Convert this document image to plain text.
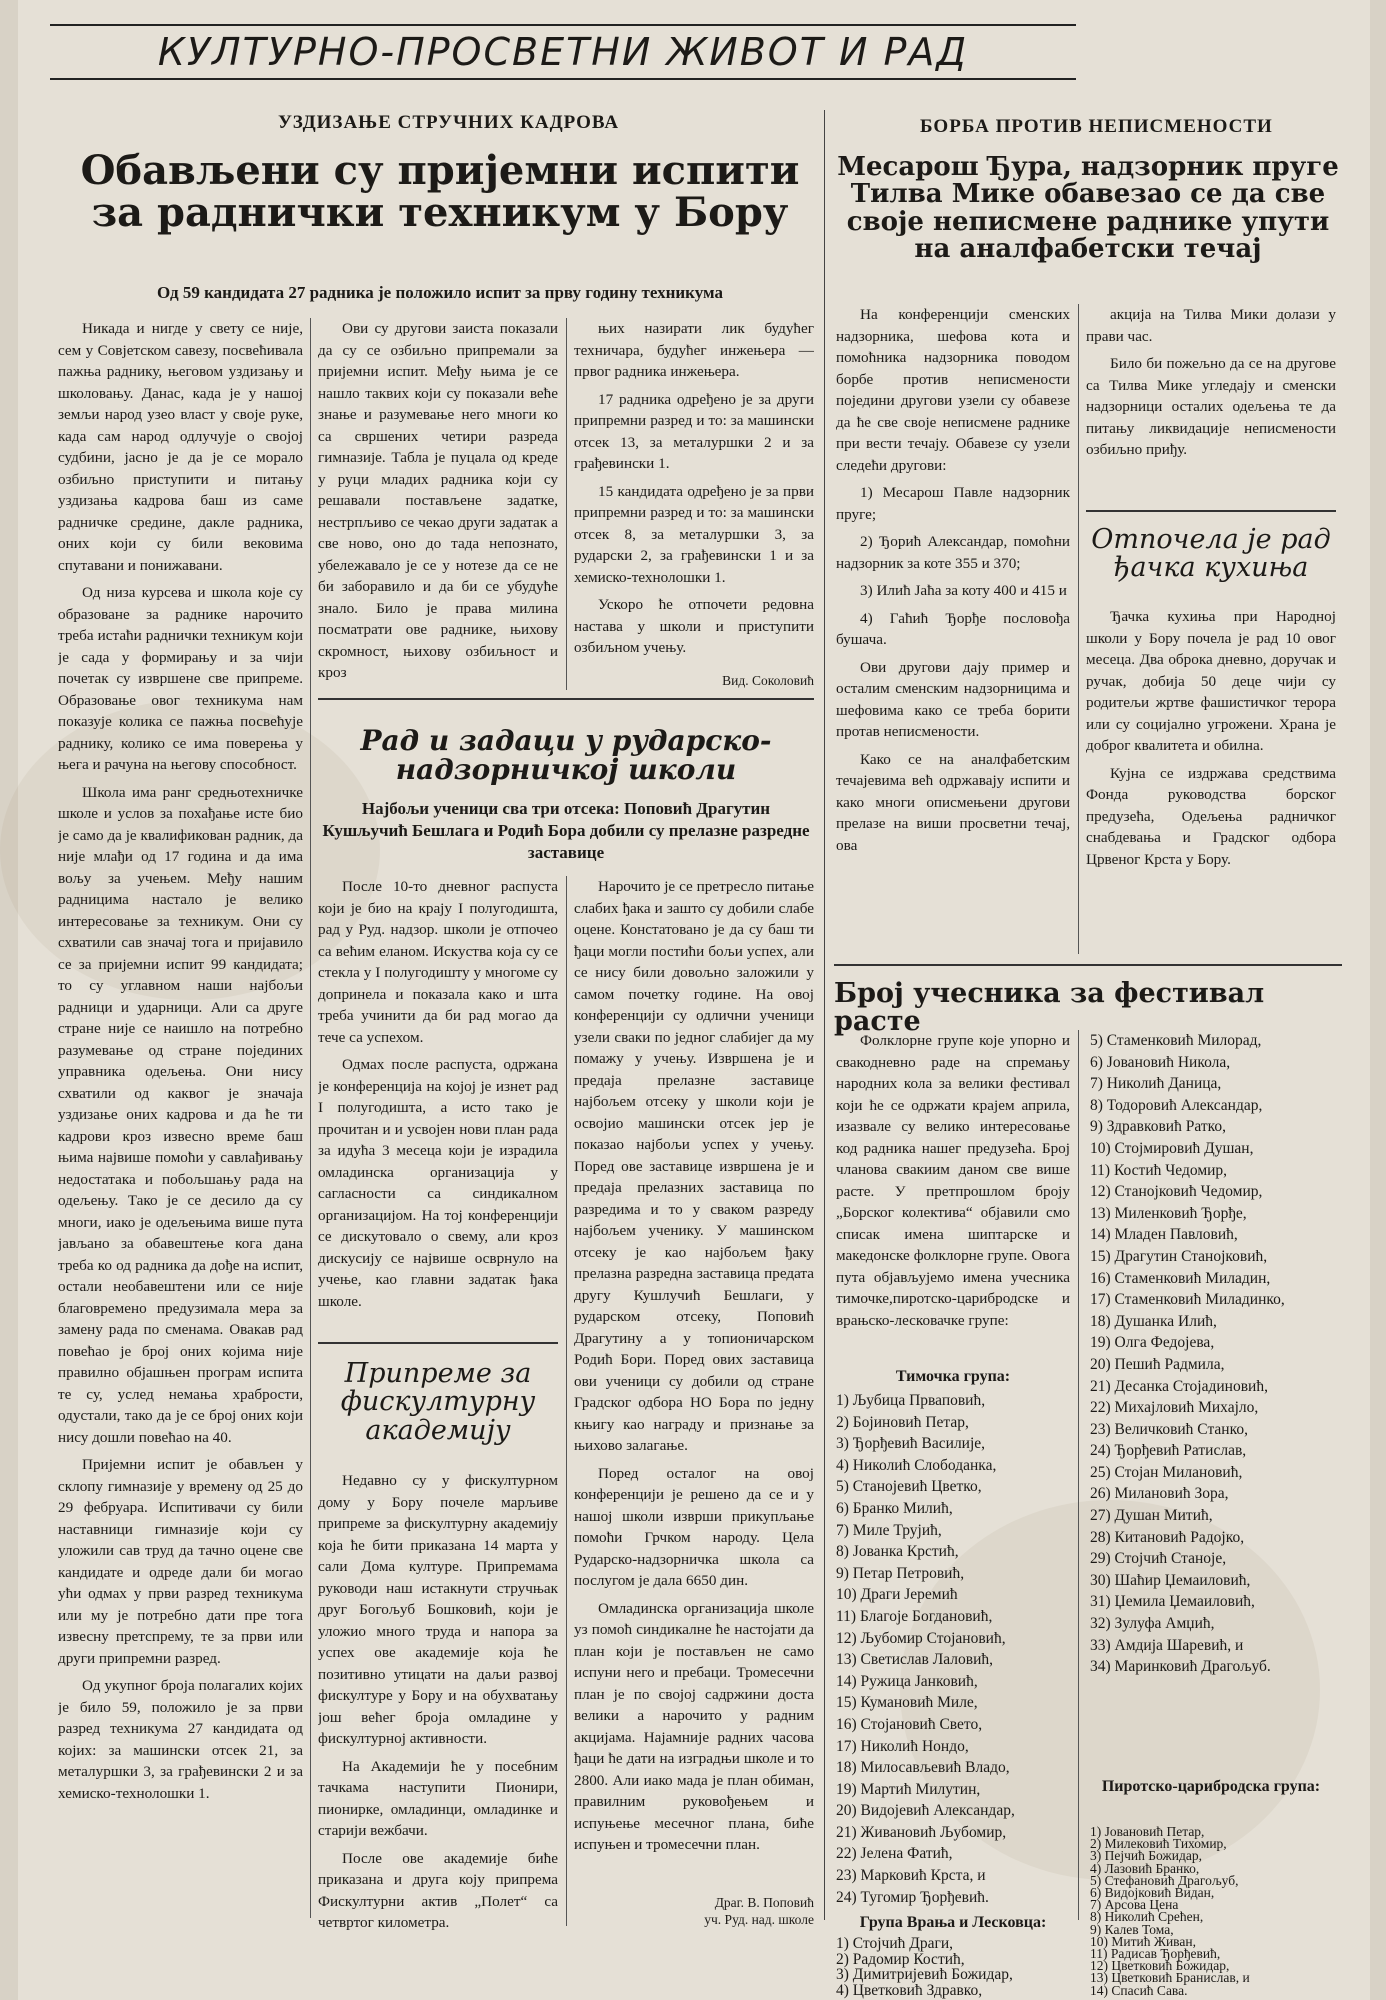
КУЛТУРНО-ПРОСВЕТНИ ЖИВОТ И РАД
УЗДИЗАЊЕ СТРУЧНИХ КАДРОВА
Обављени су пријемни испити за раднички техникум у Бору
Од 59 кандидата 27 радника је положило испит за прву годину техникума

Никада и нигде у свету се није, сем у Совјетском савезу, посвећивала пажња раднику, његовом уздизању и школовању. Данас, када је у нашој земљи народ узео власт у своје руке, када сам народ одлучује о својој судбини, јасно је да је се морало озбиљно приступити и питању уздизања кадрова баш из саме радничке средине, дакле радника, оних који су били вековима спутавани и понижавани.

Од низа курсева и школа које су образоване за раднике нарочито треба истаћи раднички техникум који је сада у формирању и за чији почетак су извршене све припреме. Образовање овог техникума нам показује колика се пажња посвећује раднику, колико се има поверења у њега и рачуна на његову способност.

Школа има ранг средњотехничке школе и услов за похађање исте био је само да је квалификован радник, да није млађи од 17 година и да има вољу за учењем. Међу нашим радницима настало је велико интересовање за техникум. Они су схватили сав значај тога и пријавило се за пријемни испит 99 кандидата; то су углавном наши најбољи радници и ударници. Али са друге стране није се наишло на потребно разумевање од стране појединих управника одељења. Они нису схватили од каквог је значаја уздизање оних кадрова и да ће ти кадрови кроз извесно време баш њима највише помоћи у савлађивању недостатака и побољшању рада на одељењу. Тако је се десило да су многи, иако је одељењима више пута јављано за обавештење кога дана треба ко од радника да дође на испит, остали необавештени или се није благовремено предузимала мера за замену рада по сменама. Овакав рад повећао је број оних којима није правилно објашњен програм испита те су, услед немања храбрости, одустали, тако да је се број оних који нису дошли повећао на 40.

Пријемни испит је обављен у склопу гимназије у времену од 25 до 29 фебруара. Испитивачи су били наставници гимназије који су уложили сав труд да тачно оцене све кандидате и одреде дали би могао ући одмах у први разред техникума или му је потребно дати пре тога извесну претспрему, те за први или други припремни разред.

Од укупног броја полагалих којих је било 59, положило је за први разред техникума 27 кандидата од којих: за машински отсек 21, за металуршки 3, за грађевински 2 и за хемиско-технолошки 1.

Ови су другови заиста показали да су се озбиљно припремали за пријемни испит. Међу њима је се нашло таквих који су показали веће знање и разумевање него многи ко са свршених четири разреда гимназије. Табла је пуцала од креде у руци младих радника који су решавали постављене задатке, нестрпљиво се чекао други задатак а све ново, оно до тада непознато, убележавало је се у нотезе да се не би заборавило и да би се убудуће знало. Било је права милина посматрати ове раднике, њихову скромност, њихову озбиљност и кроз

њих назирати лик будућег техничара, будућег инжењера — првог радника инжењера.

17 радника одређено је за други припремни разред и то: за машински отсек 13, за металуршки 2 и за грађевински 1.

15 кандидата одређено је за први припремни разред и то: за машински отсек 8, за металуршки 3, за рударски 2, за грађевински 1 и за хемиско-технолошки 1.

Ускоро ће отпочети редовна настава у школи и приступити озбиљном учењу.

Вид. Соколовић
Рад и задаци у рударско-надзорничкој школи
Најбољи ученици сва три отсека: Поповић Драгутин Кушључић Бешлага и Родић Бора добили су прелазне разредне заставице

После 10-то дневног распуста који је био на крају I полугодишта, рад у Руд. надзор. школи је отпочео са већим еланом. Искуства која су се стекла у I полугодишту у многоме су допринела и показала како и шта треба учинити да би рад могао да тече са успехом.

Одмах после распуста, одржана је конференција на којој је изнет рад I полугодишта, а исто тако је прочитан и и усвојен нови план рада за идућа 3 месеца који је израдила омладинска организација у сагласности са синдикалном организацијом. На тој конференцији се дискутовало о свему, али кроз дискусију се највише осврнуло на учење, као главни задатак ђака школе.

Нарочито је се претресло питање слабих ђака и зашто су добили слабе оцене. Констатовано је да су баш ти ђаци могли постићи бољи успех, али се нису били довољно заложили у самом почетку године. На овој конференцији су одлични ученици узели сваки по једног слабијег да му помажу у учењу. Извршена је и предаја прелазне заставице најбољем отсеку у школи који је освојио машински отсек јер је показао најбољи успех у учењу. Поред ове заставице извршена је и предаја прелазних заставица по разредима и то у сваком разреду најбољем ученику. У машинском отсеку је као најбољем ђаку прелазна разредна заставица предата другу Кушлучић Бешлаги, у рударском отсеку, Поповић Драгутину а у топионичарском Родић Бори. Поред ових заставица ови ученици су добили од стране Градског одбора НО Бора по једну књигу као награду и признање за њихово залагање.

Поред осталог на овој конференцији је решено да се и у нашој школи изврши прикупљање помоћи Грчком народу. Цела Рударско-надзорничка школа са послугом је дала 6650 дин.

Омладинска организација школе уз помоћ синдикалне ће настојати да план који је постављен не само испуни него и пребаци. Тромесечни план је по својој садржини доста велики а нарочито у радним акцијама. Најамније радних часова ђаци ће дати на изградњи школе и то 2800. Али иако мада је план обиман, правилним руковођењем и испуњење месечног плана, биће испуњен и тромесечни план.

Драг. В. Поповић
уч. Руд. над. школе
Припреме за фискултурну академију

Недавно су у фискултурном дому у Бору почеле марљиве припреме за фискултурну академију која ће бити приказана 14 марта у сали Дома културе. Припремама руководи наш истакнути стручњак друг Богољуб Бошковић, који је уложио много труда и напора за успех ове академије која ће позитивно утицати на даљи развој фискултуре у Бору и на обухватању још већег броја омладине у фискултурној активности.

На Академији ће у посебним тачкама наступити Пионири, пионирке, омладинци, омладинке и старији вежбачи.

После ове академије биће приказана и друга коју припрема Фискултурни актив „Полет“ са четвртог километра.

БОРБА ПРОТИВ НЕПИСМЕНОСТИ
Месарош Ђура, надзорник пруге Тилва Мике обавезао се да све своје неписмене раднике упути на аналфабетски течај

На конференцији сменских надзорника, шефова кота и помоћника надзорника поводом борбе против неписмености поједини другови узели су обавезе да ће све своје неписмене раднике при вести течају. Обавезе су узели следећи другови:

1) Месарош Павле надзорник пруге;

2) Ђорић Александар, помоћни надзорник за коте 355 и 370;

3) Илић Јаћа за коту 400 и 415 и

4) Гаћић Ђорђе пословођа бушача.

Ови другови дају пример и осталим сменским надзорницима и шефовима како се треба борити протав неписмености.

Како се на аналфабетским течајевима већ одржавају испити и како многи описмењени другови прелазе на виши просветни течај, ова

акција на Тилва Мики долази у прави час.

Било би пожељно да се на другове са Тилва Мике угледају и сменски надзорници осталих одељења те да питању ликвидације неписмености озбиљно приђу.

Отпочела је рад ђачка кухиња

Ђачка кухиња при Народној школи у Бору почела је рад 10 овог месеца. Два оброка дневно, доручак и ручак, добија 50 деце чији су родитељи жртве фашистичког терора или су социјално угрожени. Храна је доброг квалитета и обилна.

Кујна се издржава средствима Фонда руководства борског предузећа, Одељења радничког снабдевања и Градског одбора Црвеног Крста у Бору.

Број учесника за фестивал расте

Фолклорне групе које упорно и свакодневно раде на спремању народних кола за велики фестивал који ће се одржати крајем априла, изазвале су велико интересовање код радника нашег предузећа. Број чланова свакиим даном све више расте. У претпрошлом броју „Борског колектива“ објавили смо списак имена шиптарске и македонске фолклорне групе. Овога пута објављујемо имена учесника тимочке,пиротско-царибродске и врањско-лесковачке групе:

Тимочка група:
1) Љубица Прваповић,
2) Бојиновић Петар,
3) Ђорђевић Василије,
4) Николић Слободанка,
5) Станојевић Цветко,
6) Бранко Милић,
7) Миле Трујић,
8) Јованка Крстић,
9) Петар Петровић,
10) Драги Јеремић
11) Благоје Богдановић,
12) Љубомир Стојановић,
13) Светислав Лаловић,
14) Ружица Јанковић,
15) Кумановић Миле,
16) Стојановић Свето,
17) Николић Нондо,
18) Милосављевић Владо,
19) Мартић Милутин,
20) Видојевић Александар,
21) Живановић Љубомир,
22) Јелена Фатић,
23) Марковић Крста, и
24) Тугомир Ђорђевић.
Група Врања и Лесковца:
1) Стојчић Драги,
2) Радомир Костић,
3) Димитријевић Божидар,
4) Цветковић Здравко,
5) Стаменковић Милорад,
6) Јовановић Никола,
7) Николић Даница,
8) Тодоровић Александар,
9) Здравковић Ратко,
10) Стојмировић Душан,
11) Костић Чедомир,
12) Станојковић Чедомир,
13) Миленковић Ђорђе,
14) Младен Павловић,
15) Драгутин Станојковић,
16) Стаменковић Миладин,
17) Стаменковић Миладинко,
18) Душанка Илић,
19) Олга Федојева,
20) Пешић Радмила,
21) Десанка Стојадиновић,
22) Михајловић Михајло,
23) Величковић Станко,
24) Ђорђевић Ратислав,
25) Стојан Милановић,
26) Милановић Зора,
27) Душан Митић,
28) Китановић Радојко,
29) Стојчић Станоје,
30) Шаћир Џемаиловић,
31) Џемила Џемаиловић,
32) Зулуфа Амџић,
33) Амдија Шаревић, и
34) Маринковић Драгољуб.
Пиротско-царибродска група:
1) Јовановић Петар,
2) Милековић Тихомир,
3) Пејчић Божидар,
4) Лазовић Бранко,
5) Стефановић Драгољуб,
6) Видојковић Видан,
7) Арсова Цена
8) Николић Срећен,
9) Калев Тома,
10) Митић Живан,
11) Радисав Ђорђевић,
12) Цветковић Божидар,
13) Цветковић Бранислав, и
14) Спасић Сава.
